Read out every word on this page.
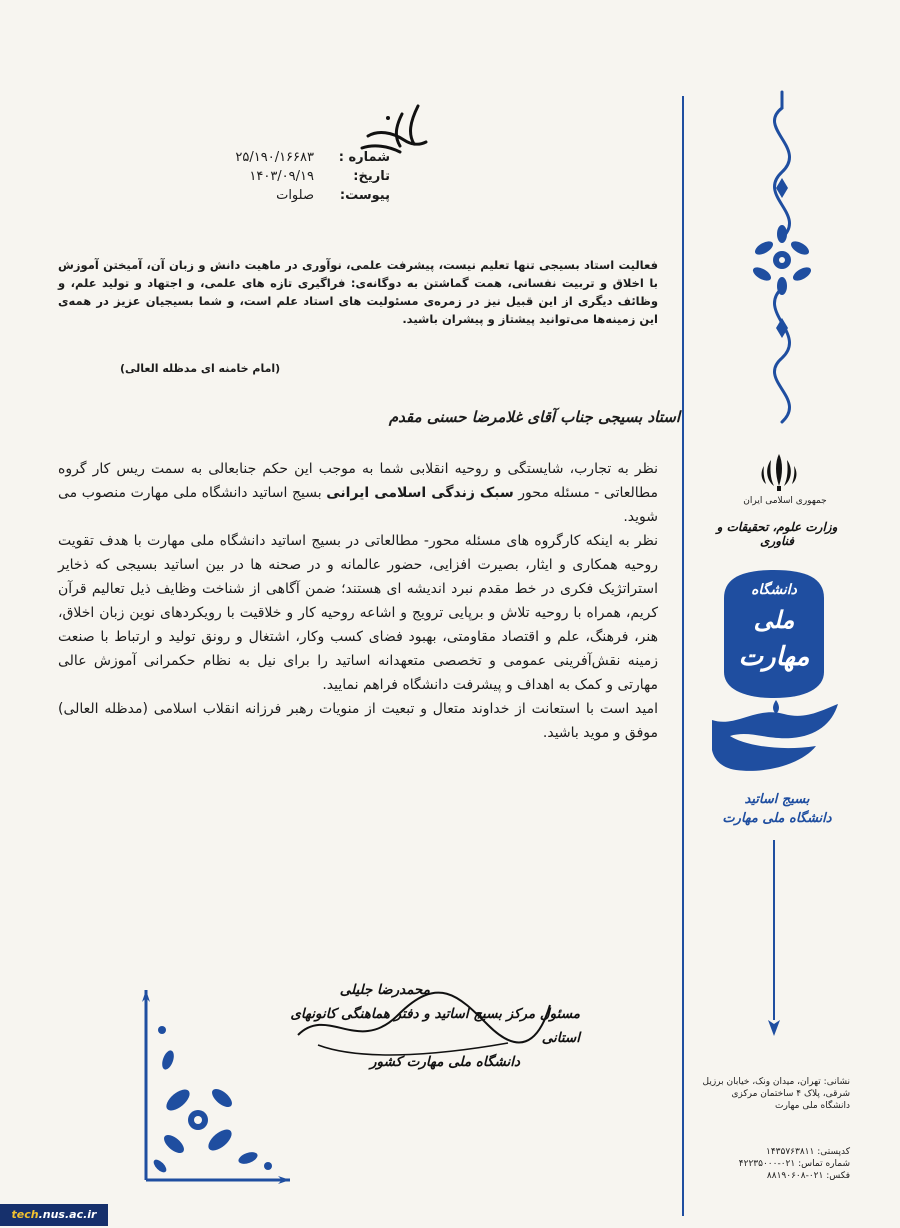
شماره :
۲۵/۱۹۰/۱۶۶۸۳
تاریخ:
۱۴۰۳/۰۹/۱۹
پیوست:
صلوات
فعالیت استاد بسیجی تنها تعلیم نیست، پیشرفت علمی، نوآوری در ماهیت دانش و زبان آن، آمیختن آموزش با اخلاق و تربیت نفسانی، همت گماشتن به دوگانه‌ی: فراگیری تازه های علمی، و اجتهاد و تولید علم، و وظائف دیگری از این قبیل نیز در زمره‌ی مسئولیت های استاد علم است، و شما بسیجیان عزیز در همه‌ی این زمینه‌ها می‌توانید پیشتاز و پیشران باشید.
(امام خامنه ای مدظله العالی)
استاد بسیجی جناب آقای غلامرضا حسنی مقدم

نظر به تجارب، شایستگی و روحیه انقلابی شما به موجب این حکم جنابعالی به سمت ریس کار گروه مطالعاتی - مسئله محور سبک زندگی اسلامی ایرانی بسیج اساتید دانشگاه ملی مهارت منصوب می شوید.

نظر به اینکه کارگروه های مسئله محور- مطالعاتی در بسیج اساتید دانشگاه ملی مهارت با هدف تقویت روحیه همکاری و ایثار، بصیرت افزایی، حضور عالمانه و در صحنه ها در بین اساتید بسیجی که ذخایر استراتژیک فکری در خط مقدم نبرد اندیشه ای هستند؛ ضمن آگاهی از شناخت وظایف ذیل تعالیم قرآن کریم، همراه با روحیه تلاش و برپایی ترویج و اشاعه روحیه کار و خلاقیت با رویکردهای نوین زبان اخلاق، هنر، فرهنگ، علم و اقتصاد مقاومتی، بهبود فضای کسب وکار، اشتغال و رونق تولید و ارتباط با صنعت زمینه نقش‌آفرینی عمومی و تخصصی متعهدانه اساتید را برای نیل به نظام حکمرانی آموزش عالی مهارتی و کمک به اهداف و پیشرفت دانشگاه فراهم نمایید.

امید است با استعانت از خداوند متعال و تبعیت از منویات رهبر فرزانه انقلاب اسلامی (مدظله العالی) موفق و موید باشید.

محمدرضا جلیلی
مسئول مرکز بسیج اساتید و دفتر هماهنگی کانونهای استانی
دانشگاه ملی مهارت کشور
جمهوری اسلامی ایران
وزارت علوم، تحقیقات و فناوری
دانشگاه
ملی
مهارت
بسیج اساتید
دانشگاه ملی مهارت
نشانی: تهران، میدان ونک، خیابان برزیل شرقی، پلاک ۴ ساختمان مرکزی دانشگاه ملی مهارت
کدپستی: ۱۴۳۵۷۶۳۸۱۱
شماره تماس: ۰۲۱-۴۲۲۳۵۰۰۰
فکس: ۰۲۱-۸۸۱۹۰۶۰۸
tech.nus.ac.ir
